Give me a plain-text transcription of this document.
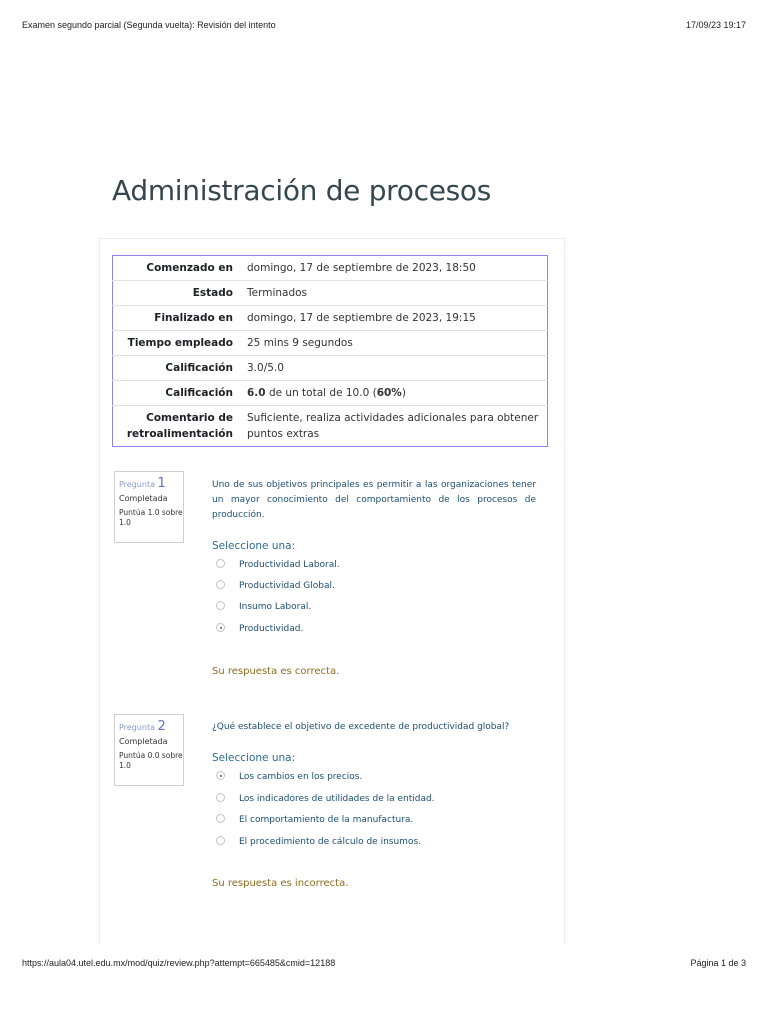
Examen segundo parcial (Segunda vuelta): Revisión del intento	17/09/23 19:17
Administración de procesos
Comenzado en	domingo, 17 de septiembre de 2023, 18:50
Estado	Terminados
Finalizado en	domingo, 17 de septiembre de 2023, 19:15
Tiempo empleado	25 mins 9 segundos
Calificación	3.0/5.0
Calificación	6.0 de un total de 10.0 (60%)
Comentario de retroalimentación	Suficiente, realiza actividades adicionales para obtener puntos extras
Pregunta 1
Completada
Puntúa 1.0 sobre 1.0
Uno de sus objetivos principales es permitir a las organizaciones tener un mayor conocimiento del comportamiento de los procesos de producción.
Seleccione una:
Productividad Laboral.
Productividad Global.
Insumo Laboral.
Productividad.
Su respuesta es correcta.
Pregunta 2
Completada
Puntúa 0.0 sobre 1.0
¿Qué establece el objetivo de excedente de productividad global?
Seleccione una:
Los cambios en los precios.
Los indicadores de utilidades de la entidad.
El comportamiento de la manufactura.
El procedimiento de cálculo de insumos.
Su respuesta es incorrecta.
https://aula04.utel.edu.mx/mod/quiz/review.php?attempt=665485&cmid=12188	Página 1 de 3
